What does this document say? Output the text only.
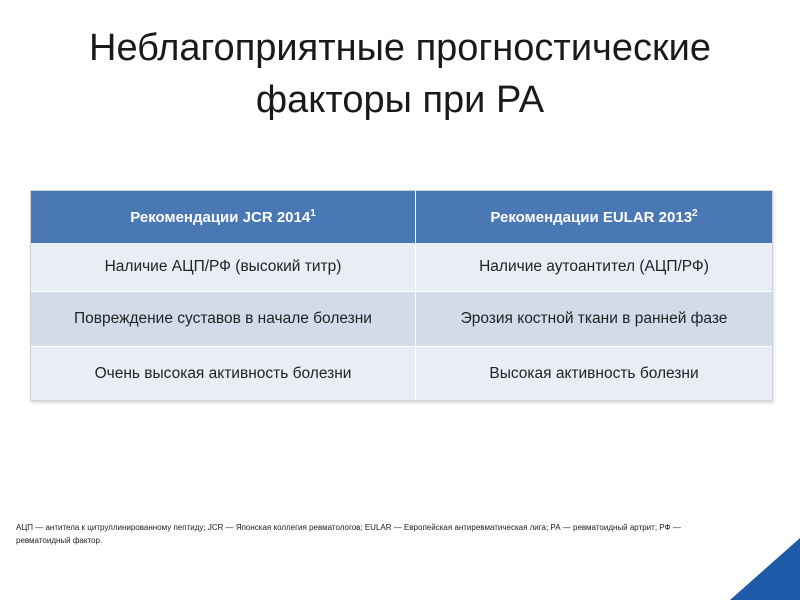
Неблагоприятные прогностические
факторы при РА
Рекомендации JCR 2014$^1$	Рекомендации EULAR 2013$^2$
Наличие АЦП/РФ (высокий титр)	Наличие аутоантител (АЦП/РФ)
Повреждение суставов в начале болезни	Эрозия костной ткани в ранней фазе
Очень высокая активность болезни	Высокая активность болезни
АЦП — антитела к цитруллинированному пептиду; JCR — Японская коллегия ревматологов; EULAR — Европейская антиревматическая лига; РА — ревматоидный артрит; РФ — ревматоидный фактор.
